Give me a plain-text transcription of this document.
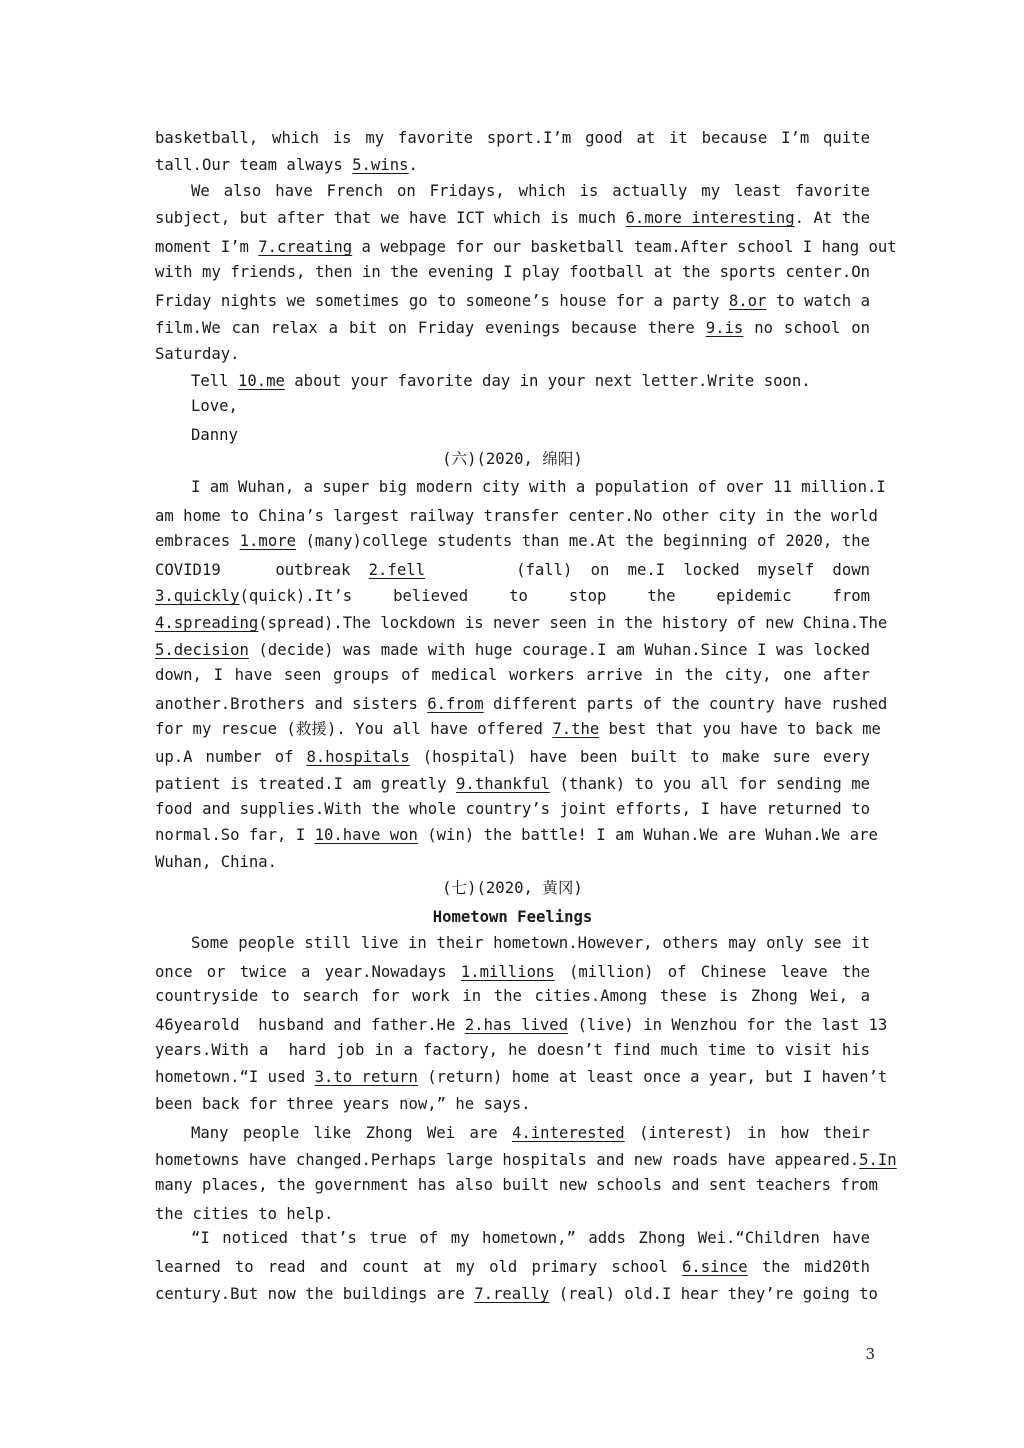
basketball, which is my favorite sport.I’m good at it because I’m quite
tall.Our team always 5.wins.
We also have French on Fridays, which is actually my least favorite
subject, but after that we have ICT which is much 6.more interesting. At the
moment I’m 7.creating a webpage for our basketball team.After school I hang out
with my friends, then in the evening I play football at the sports center.On
Friday nights we sometimes go to someone’s house for a party 8.or to watch a
film.We can relax a bit on Friday evenings because there 9.is no school on
Saturday.
Tell 10.me about your favorite day in your next letter.Write soon.
Love,
Danny
(六)(2020, 绵阳)
I am Wuhan, a super big modern city with a population of over 11 million.I
am home to China’s largest railway transfer center.No other city in the world
embraces 1.more (many)college students than me.At the beginning of 2020, the
COVID19   outbreak 2.fell     (fall) on me.I locked myself down
3.quickly(quick).It’s believed to stop the epidemic from
4.spreading(spread).The lockdown is never seen in the history of new China.The
5.decision (decide) was made with huge courage.I am Wuhan.Since I was locked
down, I have seen groups of medical workers arrive in the city, one after
another.Brothers and sisters 6.from different parts of the country have rushed
for my rescue (救援). You all have offered 7.the best that you have to back me
up.A number of 8.hospitals (hospital) have been built to make sure every
patient is treated.I am greatly 9.thankful (thank) to you all for sending me
food and supplies.With the whole country’s joint efforts, I have returned to
normal.So far, I 10.have won (win) the battle! I am Wuhan.We are Wuhan.We are
Wuhan, China.
(七)(2020, 黄冈)
Hometown Feelings
Some people still live in their hometown.However, others may only see it
once or twice a year.Nowadays 1.millions (million) of Chinese leave the
countryside to search for work in the cities.Among these is Zhong Wei, a
46yearold  husband and father.He 2.has lived (live) in Wenzhou for the last 13
years.With a  hard job in a factory, he doesn’t find much time to visit his
hometown.“I used 3.to return (return) home at least once a year, but I haven’t
been back for three years now,” he says.
Many people like Zhong Wei are 4.interested (interest) in how their
hometowns have changed.Perhaps large hospitals and new roads have appeared.5.In
many places, the government has also built new schools and sent teachers from
the cities to help.
“I noticed that’s true of my hometown,” adds Zhong Wei.“Children have
learned to read and count at my old primary school 6.since the mid20th
century.But now the buildings are 7.really (real) old.I hear they’re going to
3
